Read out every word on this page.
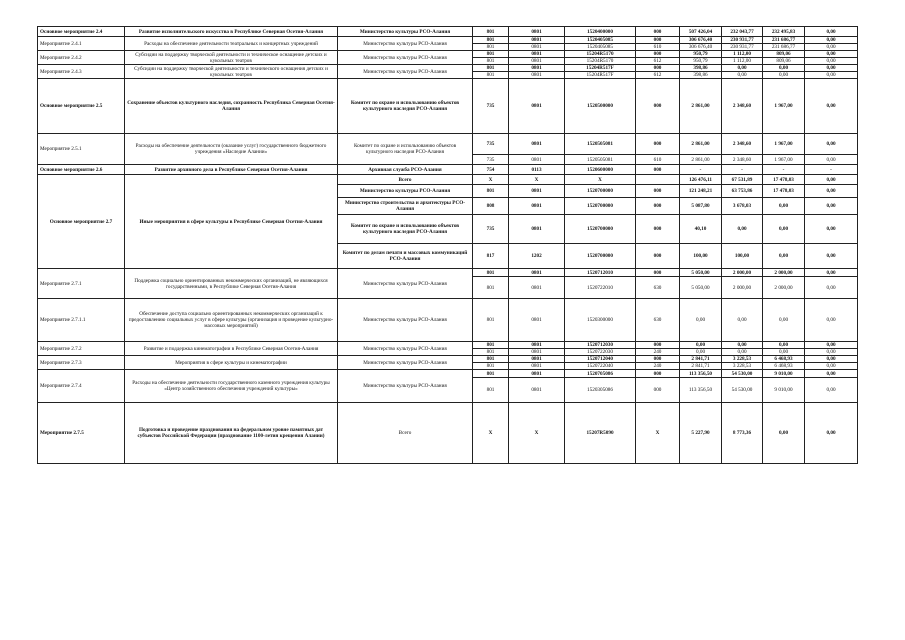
Основное мероприятие 2.4	Развитие исполнительского искусства в Республике Северная Осетия-Алания	Министерство культуры РСО-Алания	801	0801	1520400000	000	507 426,04	232 043,77	232 495,83	0,00
Мероприятие 2.4.1	Расходы на обеспечение деятельности театральных и концертных учреждений	Министерство культуры РСО-Алания	801	0801	1520405085	000	306 676,40	230 931,77	231 686,77	0,00
			801	0801	1520405085	610	306 676,40	230 931,77	231 686,77	0,00
Мероприятие 2.4.2	Субсидии на поддержку творческой деятельности и техническое оснащение детских и кукольных театров	Министерство культуры РСО-Алания	801	0801	15204R5170	000	950,79	1 112,00	809,06	0,00
			801	0801	15204R5170	612	950,79	1 112,00	809,06	0,00
Мероприятие 2.4.3	Субсидии на поддержку творческой деятельности и технического оснащения детских и кукольных театров	Министерство культуры РСО-Алания	801	0801	15204R517F	000	398,86	0,00	0,00	0,00
			801	0801	15204R517F	612	398,86	0,00	0,00	0,00
Основное мероприятие 2.5	Сохранение объектов культурного наследия, сохранность Республика Северная Осетия-Алания	Комитет по охране и использованию объектов культурного наследия РСО-Алания	735	0801	1520500000	000	2 861,00	2 348,60	1 967,00	0,00
Мероприятие 2.5.1	Расходы на обеспечение деятельности (оказание услуг) государственного бюджетного учреждения «Наследие Алании»	Комитет по охране и использованию объектов культурного наследия РСО-Алания	735	0801	1520505081	000	2 861,00	2 348,60	1 967,00	0,00
			735	0801	1520505081	610	2 861,00	2 348,60	1 967,00	0,00
Основное мероприятие 2.6	Развитие архивного дела в Республике Северная Осетия-Алания	Архивная служба РСО-Алания	754	0113	1520600000	000	-	-	-	-
Основное мероприятие 2.7	Иные мероприятия в сфере культуры в Республике Северная Осетия-Алания	Всего	X	X	X		126 476,11	67 531,89	17 478,03	0,00
		Министерство культуры РСО-Алания	801	0801	1520700000	000	121 248,21	63 753,86	17 478,03	0,00
		Министерство строительства и архитектуры РСО-Алания	808	0801	1520700000	000	5 087,80	3 678,03	0,00	0,00
		Комитет по охране и использованию объектов культурного наследия РСО-Алания	735	0801	1520700000	000	40,10	0,00	0,00	0,00
		Комитет по делам печати и массовых коммуникаций РСО-Алания	817	1202	1520700000	000	100,00	100,00	0,00	0,00
Мероприятие 2.7.1	Поддержка социально ориентированных некоммерческих организаций, не являющихся государственными, в Республике Северная Осетия-Алания	Министерство культуры РСО-Алания	801	0801	1520712010	000	5 050,00	2 000,00	2 000,00	0,00
			801	0801	1520722010	630	5 050,00	2 000,00	2 000,00	0,00
Мероприятие 2.7.1.1	Обеспечение доступа социально ориентированных некоммерческих организаций к предоставлению социальных услуг в сфере культуры (организация и проведение культурно-массовых мероприятий)	Министерство культуры РСО-Алания	801	0801	1520300000	630	0,00	0,00	0,00	0,00
Мероприятие 2.7.2	Развитие и поддержка кинематографии в Республике Северная Осетия-Алания	Министерство культуры РСО-Алания	801	0801	1520712030	000	0,00	0,00	0,00	0,00
			801	0801	1520722030	240	0,00	0,00	0,00	0,00
Мероприятие 2.7.3	Мероприятия в сфере культуры и кинематографии	Министерство культуры РСО-Алания	801	0801	1520712040	000	2 841,71	3 228,53	6 468,93	0,00
			801	0801	1520722040	240	2 841,71	3 228,53	6 468,93	0,00
Мероприятие 2.7.4	Расходы на обеспечение деятельности государственного казенного учреждения культуры «Центр хозяйственного обеспечения учреждений культуры»	Министерство культуры РСО-Алания	801	0801	1520705086	000	113 356,50	54 530,00	9 010,00	0,00
			801	0801	1520305086	000	113 356,50	54 530,00	9 010,00	0,00
Мероприятие 2.7.5	Подготовка и проведение празднования на федеральном уровне памятных дат субъектов Российской Федерации (празднование 1100-летия крещения Алании)	Всего	X	X	15207R5090	X	5 227,90	8 773,36	0,00	0,00
